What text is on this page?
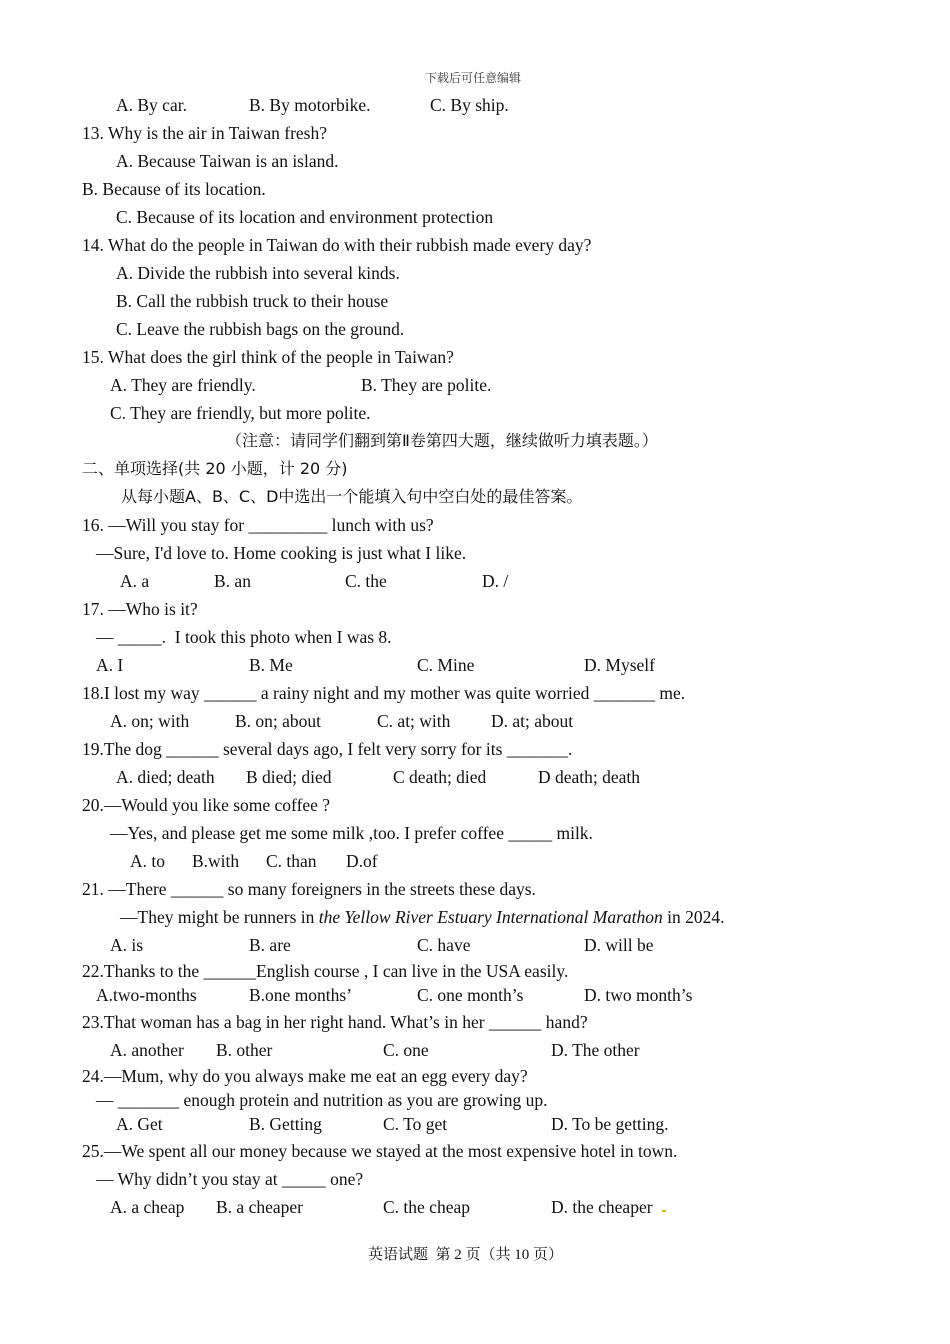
下载后可任意编辑
A. By car.	B. By motorbike.	C. By ship.
13. Why is the air in Taiwan fresh?
A. Because Taiwan is an island.
B. Because of its location.
C. Because of its location and environment protection
14. What do the people in Taiwan do with their rubbish made every day?
A. Divide the rubbish into several kinds.
B. Call the rubbish truck to their house
C. Leave the rubbish bags on the ground.
15. What does the girl think of the people in Taiwan?
A. They are friendly.	B. They are polite.
C. They are friendly, but more polite.
（注意：请同学们翻到第Ⅱ卷第四大题，继续做听力填表题。）
二、单项选择(共 20 小题，计 20 分)
从每小题A、B、C、D中选出一个能填入句中空白处的最佳答案。
16. —Will you stay for _________ lunch with us?
—Sure, I'd love to. Home cooking is just what I like.
A. a	B. an	C. the	D. /
17. —Who is it?
— _____.  I took this photo when I was 8.
A. I	B. Me	C. Mine	D. Myself
18.I lost my way ______ a rainy night and my mother was quite worried _______ me.
A. on; with	B. on; about	C. at; with D. at; about
19.The dog ______ several days ago, I felt very sorry for its _______.
A. died; death B died; died	C death; died	D death; death
20.—Would you like some coffee ?
—Yes, and please get me some milk ,too. I prefer coffee _____ milk.
A. to B.with C. than D.of
21. —There ______ so many foreigners in the streets these days.
—They might be runners in the Yellow River Estuary International Marathon in 2024.
A. is	B. are	C. have	D. will be
22.Thanks to the ______English course , I can live in the USA easily.
A.two-months	B.one months’	C. one month’s	D. two month’s
23.That woman has a bag in her right hand. What’s in her ______ hand?
A. another B. other	C. one	D. The other
24.—Mum, why do you always make me eat an egg every day?
— _______ enough protein and nutrition as you are growing up.
A. Get	B. Getting	C. To get	D. To be getting.
25.—We spent all our money because we stayed at the most expensive hotel in town.
— Why didn’t you stay at _____ one?
A. a cheap B. a cheaper	C. the cheap	D. the cheaper
英语试题  第 2 页（共 10 页）
